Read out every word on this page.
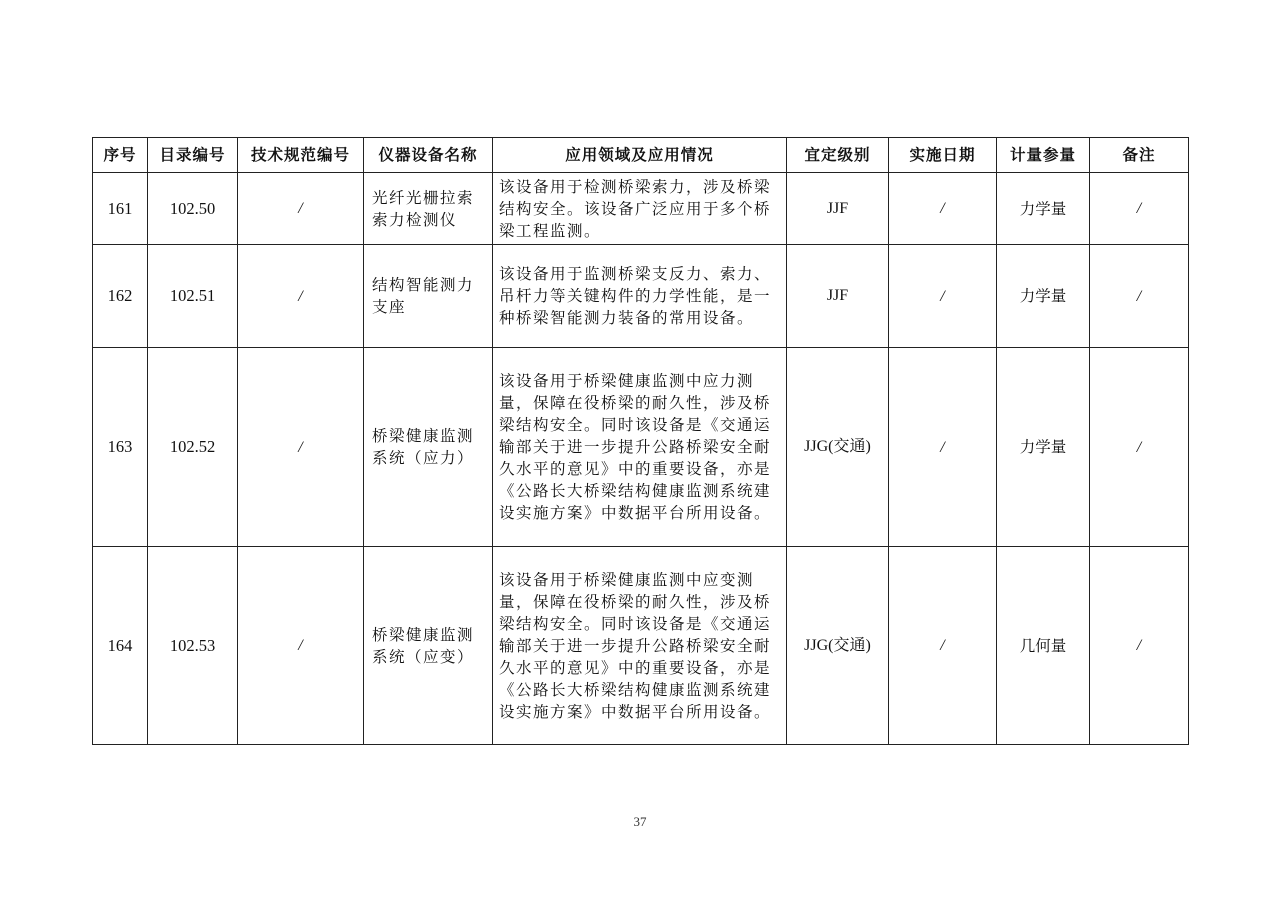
序号	目录编号	技术规范编号	仪器设备名称	应用领域及应用情况	宜定级别	实施日期	计量参量	备注
161	102.50	/	光纤光栅拉索索力检测仪	该设备用于检测桥梁索力，涉及桥梁结构安全。该设备广泛应用于多个桥梁工程监测。	JJF	/	力学量	/
162	102.51	/	结构智能测力支座	该设备用于监测桥梁支反力、索力、吊杆力等关键构件的力学性能，是一种桥梁智能测力装备的常用设备。	JJF	/	力学量	/
163	102.52	/	桥梁健康监测系统（应力）	该设备用于桥梁健康监测中应力测量，保障在役桥梁的耐久性，涉及桥梁结构安全。同时该设备是《交通运输部关于进一步提升公路桥梁安全耐久水平的意见》中的重要设备，亦是《公路长大桥梁结构健康监测系统建设实施方案》中数据平台所用设备。	JJG(交通)	/	力学量	/
164	102.53	/	桥梁健康监测系统（应变）	该设备用于桥梁健康监测中应变测量，保障在役桥梁的耐久性，涉及桥梁结构安全。同时该设备是《交通运输部关于进一步提升公路桥梁安全耐久水平的意见》中的重要设备，亦是《公路长大桥梁结构健康监测系统建设实施方案》中数据平台所用设备。	JJG(交通)	/	几何量	/
37
